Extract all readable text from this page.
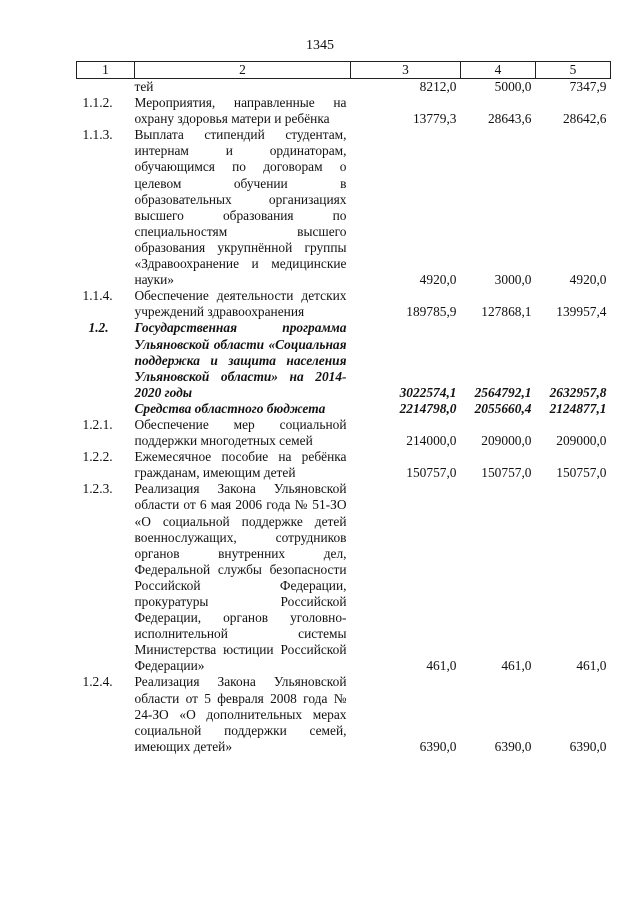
1345
1	2	3	4	5
	тей	8212,0	5000,0	7347,9
1.1.2.	Мероприятия, направленные на охрану здоровья матери и ребёнка	13779,3	28643,6	28642,6
1.1.3.	Выплата стипендий студентам, интернам и ординаторам, обучающимся по договорам о целевом обучении в образовательных организациях высшего образования по специальностям высшего образования укрупнённой группы «Здравоохранение и медицинские науки»	4920,0	3000,0	4920,0
1.1.4.	Обеспечение деятельности детских учреждений здравоохранения	189785,9	127868,1	139957,4
1.2.	Государственная программа Ульяновской области «Социальная поддержка и защита населения Ульяновской области» на 2014-2020 годы	3022574,1	2564792,1	2632957,8
	Средства областного бюджета	2214798,0	2055660,4	2124877,1
1.2.1.	Обеспечение мер социальной поддержки многодетных семей	214000,0	209000,0	209000,0
1.2.2.	Ежемесячное пособие на ребёнка гражданам, имеющим детей	150757,0	150757,0	150757,0
1.2.3.	Реализация Закона Ульяновской области от 6 мая 2006 года № 51-ЗО «О социальной поддержке детей военнослужащих, сотрудников органов внутренних дел, Федеральной службы безопасности Российской Федерации, прокуратуры Российской Федерации, органов уголовно-исполнительной системы Министерства юстиции Российской Федерации»	461,0	461,0	461,0
1.2.4.	Реализация Закона Ульяновской области от 5 февраля 2008 года № 24-ЗО «О дополнительных мерах социальной поддержки семей, имеющих детей»	6390,0	6390,0	6390,0
